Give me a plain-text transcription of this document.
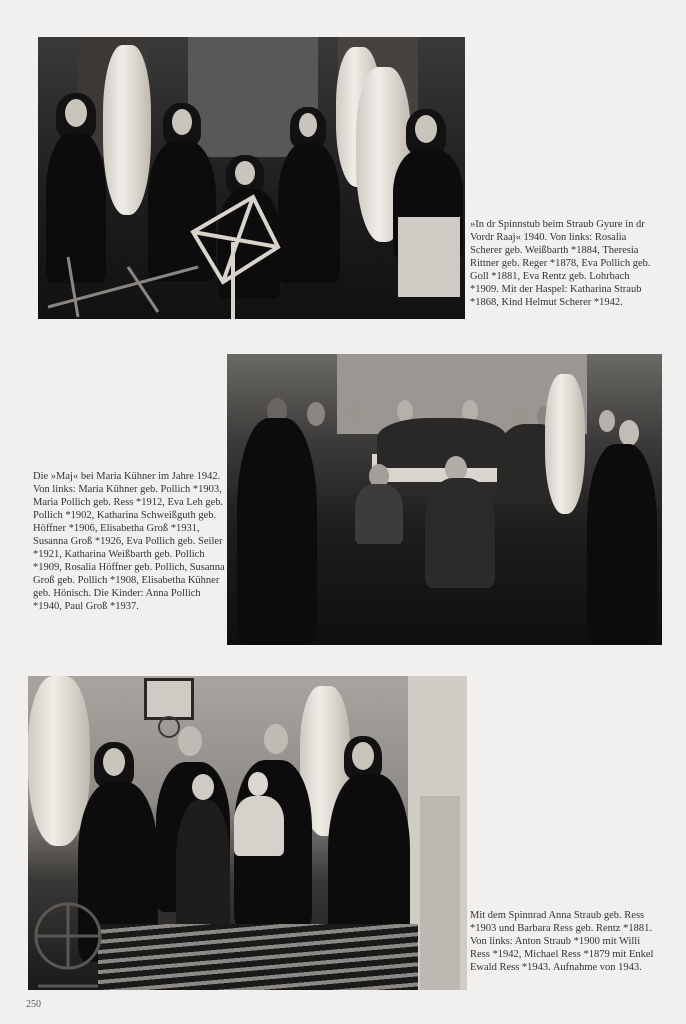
»In dr Spinnstub beim Straub Gyure in dr Vordr Raaj« 1940. Von links: Rosalia Scherer geb. Weißbarth *1884, Theresia Rittner geb. Reger *1878, Eva Pollich geb. Goll *1881, Eva Rentz geb. Lohrbach *1909. Mit der Haspel: Katharina Straub *1868, Kind Helmut Scherer *1942.

Die »Maj« bei Maria Kühner im Jahre 1942. Von links: Maria Kühner geb. Pollich *1903, Maria Pollich geb. Ress *1912, Eva Leh geb. Pollich *1902, Katharina Schweißguth geb. Höffner *1906, Elisabetha Groß *1931, Susanna Groß *1926, Eva Pollich geb. Seiler *1921, Katharina Weißbarth geb. Pollich *1909, Rosalia Höffner geb. Pollich, Susanna Groß geb. Pollich *1908, Elisabetha Kühner geb. Hönisch. Die Kinder: Anna Pollich *1940, Paul Groß *1937.

Mit dem Spinnrad Anna Straub geb. Ress *1903 und Barbara Ress geb. Rentz *1881. Von links: Anton Straub *1900 mit Willi Ress *1942, Michael Ress *1879 mit Enkel Ewald Ress *1943. Aufnahme von 1943.

250
